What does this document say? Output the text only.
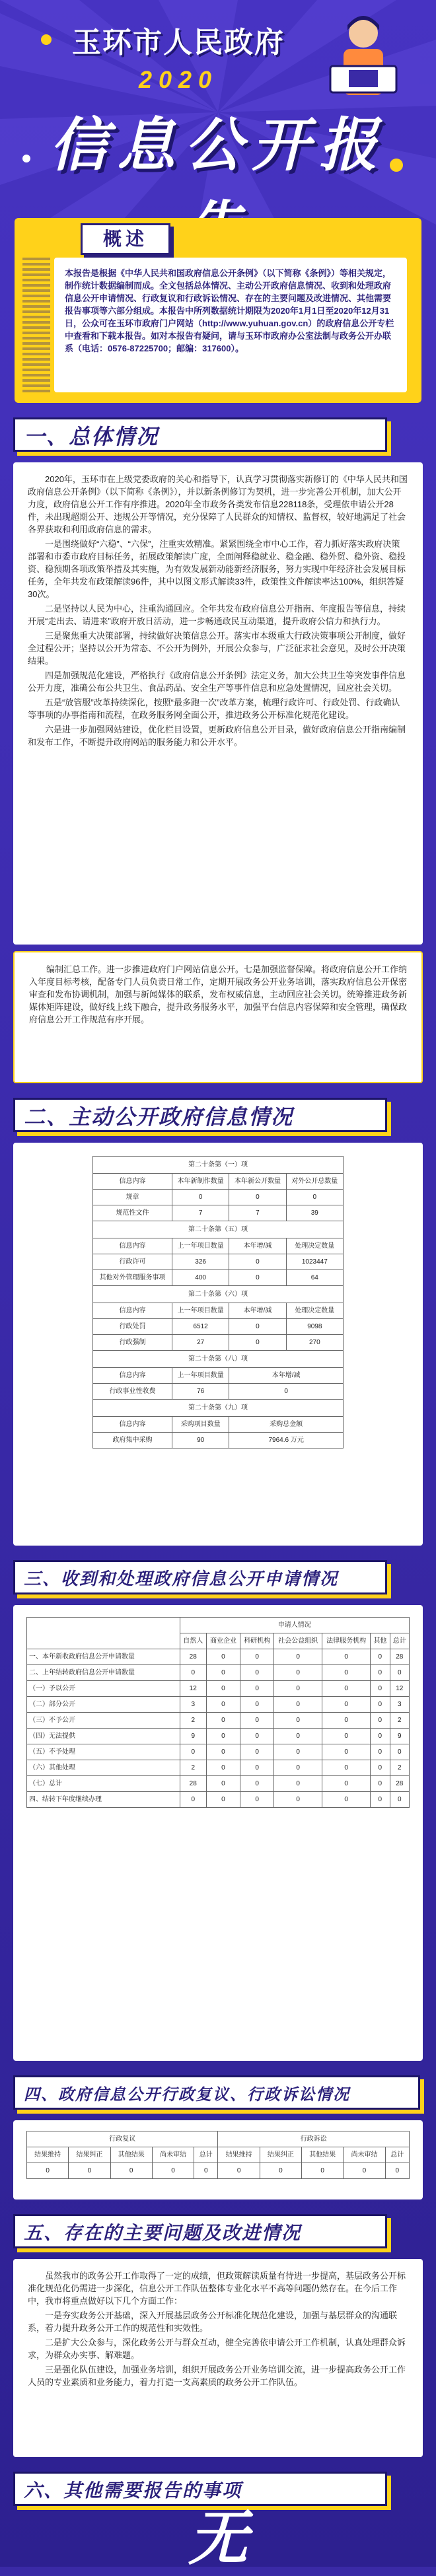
玉环市人民政府
2020
信息公开报
概述
本报告是根据《中华人民共和国政府信息公开条例》（以下简称《条例》）等相关规定，制作统计数据编制而成。全文包括总体情况、主动公开政府信息情况、收到和处理政府信息公开申请情况、行政复议和行政诉讼情况、存在的主要问题及改进情况、其他需要报告事项等六部分组成。本报告中所列数据统计期限为2020年1月1日至2020年12月31日，公众可在玉环市政府门户网站（http://www.yuhuan.gov.cn）的政府信息公开专栏中查看和下载本报告。如对本报告有疑问，请与玉环市政府办公室法制与政务公开办联系（电话：0576-87225700；邮编：317600）。
一、总体情况

2020年，玉环市在上级党委政府的关心和指导下，认真学习贯彻落实新修订的《中华人民共和国政府信息公开条例》（以下简称《条例》），并以新条例修订为契机，进一步完善公开机制，加大公开力度，政府信息公开工作有序推进。2020年全市政务各类发布信息228118条，受理依申请公开28件，未出现超期公开、违规公开等情况，充分保障了人民群众的知情权、监督权，较好地满足了社会各界获取和利用政府信息的需求。

一是围绕做好“六稳”、“六保”，注重实效精准。紧紧围绕全市中心工作，着力抓好落实政府决策部署和市委市政府目标任务，拓展政策解读广度，全面阐释稳就业、稳金融、稳外贸、稳外资、稳投资、稳预期各项政策举措及其实施，为有效发展新动能新经济服务，努力实现中年经济社会发展目标任务，全年共发布政策解读96件，其中以图文形式解读33件，政策性文件解读率达100%，组织答疑30次。

二是坚持以人民为中心，注重沟通回应。全年共发布政府信息公开指南、年度报告等信息，持续开展“走出去、请进来”政府开放日活动，进一步畅通政民互动渠道，提升政府公信力和执行力。

三是聚焦重大决策部署，持续做好决策信息公开。落实市本级重大行政决策事项公开制度，做好全过程公开；坚持以公开为常态、不公开为例外，开展公众参与，广泛征求社会意见，及时公开决策结果。

四是加强规范化建设，严格执行《政府信息公开条例》法定义务，加大公共卫生等突发事件信息公开力度，准确公布公共卫生、食品药品、安全生产等事件信息和应急处置情况，回应社会关切。

五是“放管服”改革持续深化，按照“最多跑一次”改革方案，梳理行政许可、行政处罚、行政确认等事项的办事指南和流程，在政务服务网全面公开，推进政务公开标准化规范化建设。

六是进一步加强网站建设，优化栏目设置，更新政府信息公开目录，做好政府信息公开指南编制和发布工作，不断提升政府网站的服务能力和公开水平。

编制汇总工作。进一步推进政府门户网站信息公开。七是加强监督保障。将政府信息公开工作纳入年度目标考核，配备专门人员负责日常工作，定期开展政务公开业务培训，落实政府信息公开保密审查和发布协调机制，加强与新闻媒体的联系，发布权威信息，主动回应社会关切。统筹推进政务新媒体矩阵建设，做好线上线下融合，提升政务服务水平，加强平台信息内容保障和安全管理，确保政府信息公开工作规范有序开展。

二、主动公开政府信息情况
第二十条第（一）项			
信息内容	本年新制作数量	本年新公开数量	对外公开总数量
规章	0	0	0
规范性文件	7	7	39
第二十条第（五）项			
信息内容	上一年项目数量	本年增/减	处理决定数量
行政许可	326	0	1023447
其他对外管理服务事项	400	0	64
第二十条第（六）项			
信息内容	上一年项目数量	本年增/减	处理决定数量
行政处罚	6512	0	9098
行政强制	27	0	270
第二十条第（八）项			
信息内容	上一年项目数量	本年增/减	
行政事业性收费	76	0	
第二十条第（九）项			
信息内容	采购项目数量	采购总金额	
政府集中采购	90	7964.6 万元	
三、收到和处理政府信息公开申请情况
	申请人情况						
	自然人	商业企业	科研机构	社会公益组织	法律服务机构	其他	总计
一、本年新收政府信息公开申请数量	28	0	0	0	0	0	28
二、上年结转政府信息公开申请数量	0	0	0	0	0	0	0
（一）予以公开	12	0	0	0	0	0	12
（二）部分公开	3	0	0	0	0	0	3
（三）不予公开	2	0	0	0	0	0	2
（四）无法提供	9	0	0	0	0	0	9
（五）不予处理	0	0	0	0	0	0	0
（六）其他处理	2	0	0	0	0	0	2
（七）总计	28	0	0	0	0	0	28
四、结转下年度继续办理	0	0	0	0	0	0	0
四、政府信息公开行政复议、行政诉讼情况
行政复议					行政诉讼				
结果维持	结果纠正	其他结果	尚未审结	总计	结果维持	结果纠正	其他结果	尚未审结	总计
0	0	0	0	0	0	0	0	0	0
五、存在的主要问题及改进情况

虽然我市的政务公开工作取得了一定的成绩，但政策解读质量有待进一步提高，基层政务公开标准化规范化仍需进一步深化，信息公开工作队伍整体专业化水平不高等问题仍然存在。在今后工作中，我市将重点做好以下几个方面工作：

一是夯实政务公开基础，深入开展基层政务公开标准化规范化建设，加强与基层群众的沟通联系，着力提升政务公开工作的规范性和实效性。

二是扩大公众参与，深化政务公开与群众互动，健全完善依申请公开工作机制，认真处理群众诉求，为群众办实事、解难题。

三是强化队伍建设，加强业务培训，组织开展政务公开业务培训交流，进一步提高政务公开工作人员的专业素质和业务能力，着力打造一支高素质的政务公开工作队伍。

六、其他需要报告的事项
无
